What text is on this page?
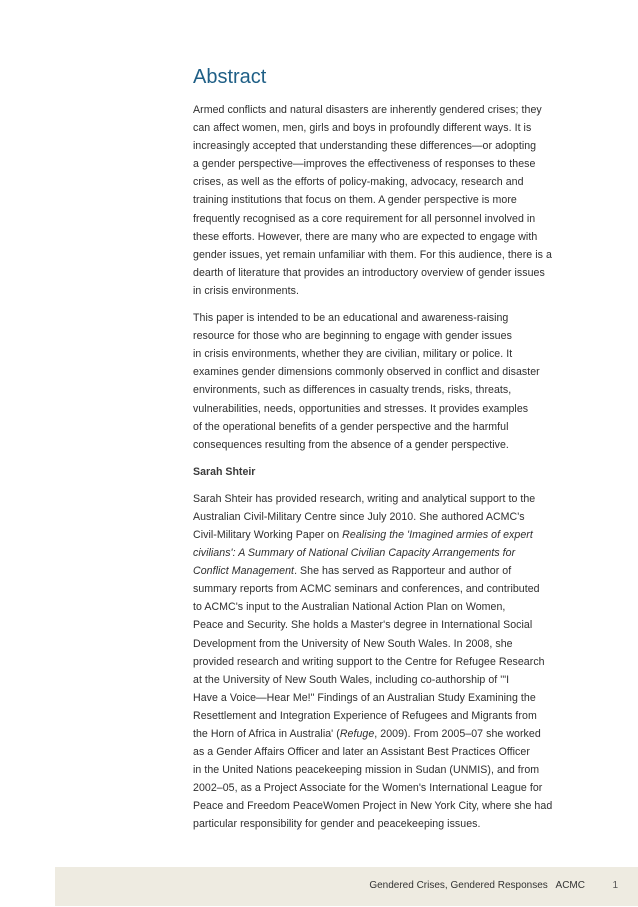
Abstract

Armed conflicts and natural disasters are inherently gendered crises; they
can affect women, men, girls and boys in profoundly different ways. It is
increasingly accepted that understanding these differences—or adopting
a gender perspective—improves the effectiveness of responses to these
crises, as well as the efforts of policy-making, advocacy, research and
training institutions that focus on them. A gender perspective is more
frequently recognised as a core requirement for all personnel involved in
these efforts. However, there are many who are expected to engage with
gender issues, yet remain unfamiliar with them. For this audience, there is a
dearth of literature that provides an introductory overview of gender issues
in crisis environments.

This paper is intended to be an educational and awareness-raising
resource for those who are beginning to engage with gender issues
in crisis environments, whether they are civilian, military or police. It
examines gender dimensions commonly observed in conflict and disaster
environments, such as differences in casualty trends, risks, threats,
vulnerabilities, needs, opportunities and stresses. It provides examples
of the operational benefits of a gender perspective and the harmful
consequences resulting from the absence of a gender perspective.

Sarah Shteir

Sarah Shteir has provided research, writing and analytical support to the
Australian Civil-Military Centre since July 2010. She authored ACMC's
Civil-Military Working Paper on Realising the 'Imagined armies of expert
civilians': A Summary of National Civilian Capacity Arrangements for
Conflict Management. She has served as Rapporteur and author of
summary reports from ACMC seminars and conferences, and contributed
to ACMC's input to the Australian National Action Plan on Women,
Peace and Security. She holds a Master's degree in International Social
Development from the University of New South Wales. In 2008, she
provided research and writing support to the Centre for Refugee Research
at the University of New South Wales, including co-authorship of '"I
Have a Voice—Hear Me!" Findings of an Australian Study Examining the
Resettlement and Integration Experience of Refugees and Migrants from
the Horn of Africa in Australia' (Refuge, 2009). From 2005–07 she worked
as a Gender Affairs Officer and later an Assistant Best Practices Officer
in the United Nations peacekeeping mission in Sudan (UNMIS), and from
2002–05, as a Project Associate for the Women's International League for
Peace and Freedom PeaceWomen Project in New York City, where she had
particular responsibility for gender and peacekeeping issues.

Gendered Crises, Gendered Responses   ACMC	1
